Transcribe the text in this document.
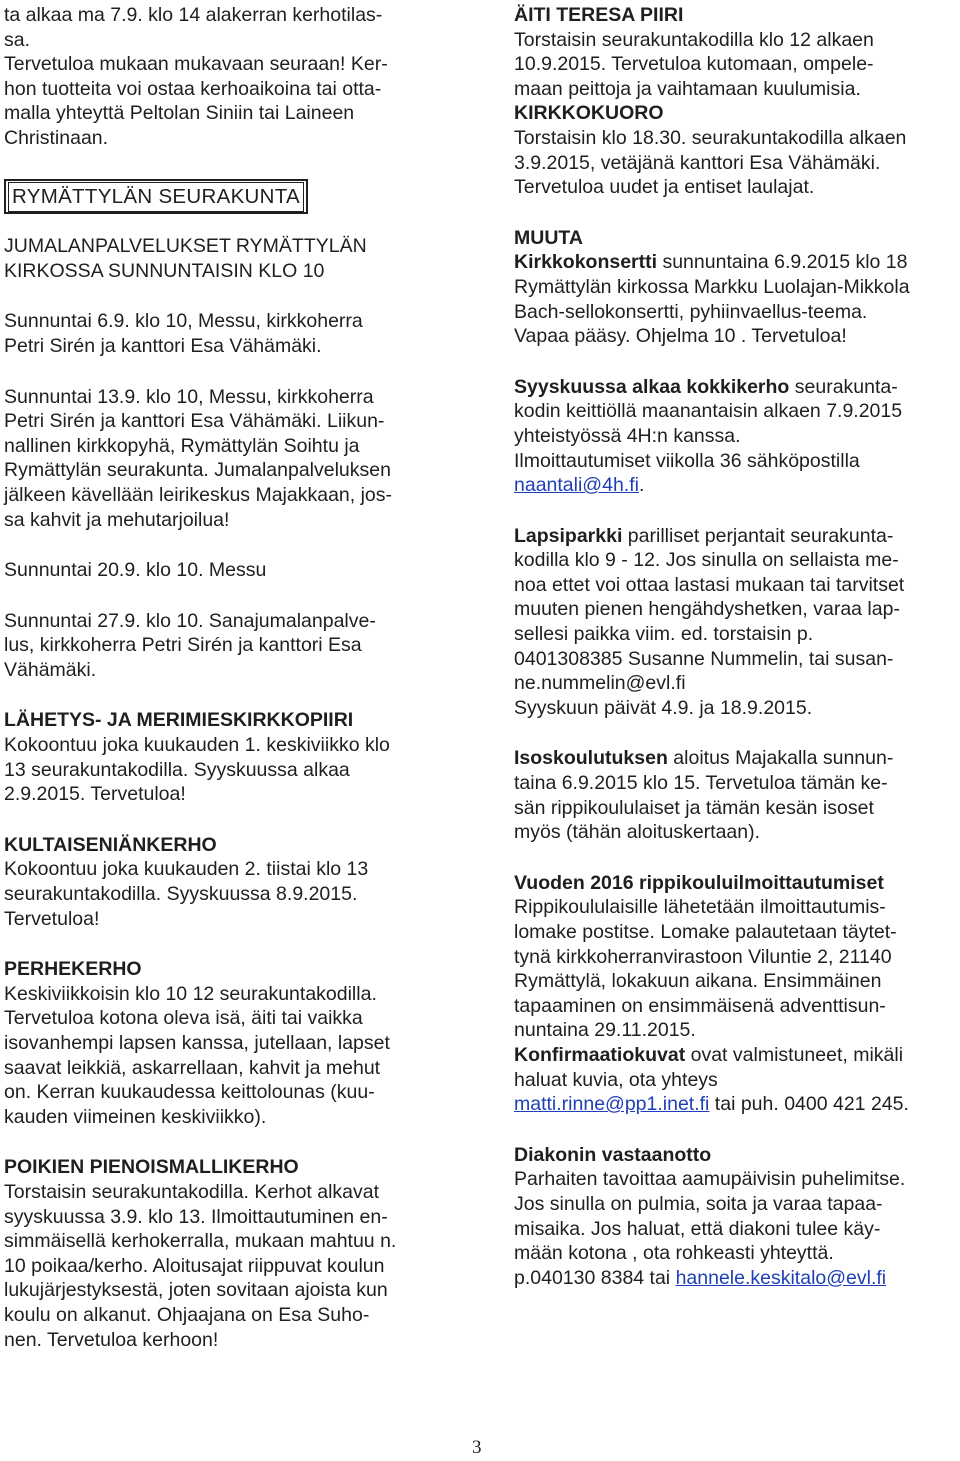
ta alkaa ma 7.9. klo 14 alakerran kerhotilas-
sa.
Tervetuloa mukaan mukavaan seuraan! Ker-
hon tuotteita voi ostaa kerhoaikoina tai otta-
malla yhteyttä Peltolan Siniin tai Laineen
Christinaan.

RYMÄTTYLÄN SEURAKUNTA

JUMALANPALVELUKSET RYMÄTTYLÄN
KIRKOSSA SUNNUNTAISIN KLO 10

Sunnuntai 6.9. klo 10, Messu, kirkkoherra
Petri Sirén ja kanttori Esa Vähämäki.

Sunnuntai 13.9. klo 10, Messu, kirkkoherra
Petri Sirén ja kanttori Esa Vähämäki. Liikun-
nallinen kirkkopyhä, Rymättylän Soihtu ja
Rymättylän seurakunta. Jumalanpalveluksen
jälkeen kävellään leirikeskus Majakkaan, jos-
sa kahvit ja mehutarjoilua!

Sunnuntai 20.9. klo 10. Messu

Sunnuntai 27.9. klo 10. Sanajumalanpalve-
lus, kirkkoherra Petri Sirén ja kanttori Esa
Vähämäki.

LÄHETYS- JA MERIMIESKIRKKOPIIRI

Kokoontuu joka kuukauden 1. keskiviikko klo
13 seurakuntakodilla. Syyskuussa alkaa
2.9.2015. Tervetuloa!

KULTAISENIÄNKERHO

Kokoontuu joka kuukauden 2. tiistai klo 13
seurakuntakodilla. Syyskuussa 8.9.2015.
Tervetuloa!

PERHEKERHO

Keskiviikkoisin klo 10 12 seurakuntakodilla.
Tervetuloa kotona oleva isä, äiti tai vaikka
isovanhempi lapsen kanssa, jutellaan, lapset
saavat leikkiä, askarrellaan, kahvit ja mehut
on. Kerran kuukaudessa keittolounas (kuu-
kauden viimeinen keskiviikko).

POIKIEN PIENOISMALLIKERHO

Torstaisin seurakuntakodilla. Kerhot alkavat
syyskuussa 3.9. klo 13. Ilmoittautuminen en-
simmäisellä kerhokerralla, mukaan mahtuu n.
10 poikaa/kerho. Aloitusajat riippuvat koulun
lukujärjestyksestä, joten sovitaan ajoista kun
koulu on alkanut. Ohjaajana on Esa Suho-
nen. Tervetuloa kerhoon!

ÄITI TERESA PIIRI

Torstaisin seurakuntakodilla klo 12 alkaen
10.9.2015. Tervetuloa kutomaan, ompele-
maan peittoja ja vaihtamaan kuulumisia.

KIRKKOKUORO

Torstaisin klo 18.30. seurakuntakodilla alkaen
3.9.2015, vetäjänä kanttori Esa Vähämäki.
Tervetuloa uudet ja entiset laulajat.

MUUTA

Kirkkokonsertti sunnuntaina 6.9.2015 klo 18

Rymättylän kirkossa Markku Luolajan-Mikkola
Bach-sellokonsertti, pyhiinvaellus-teema.
Vapaa pääsy. Ohjelma 10 . Tervetuloa!

Syyskuussa alkaa kokkikerho seurakunta-
kodin keittiöllä maanantaisin alkaen 7.9.2015
yhteistyössä 4H:n kanssa.
Ilmoittautumiset viikolla 36 sähköpostilla

naantali@4h.fi.

Lapsiparkki parilliset perjantait seurakunta-
kodilla klo 9 - 12. Jos sinulla on sellaista me-
noa ettet voi ottaa lastasi mukaan tai tarvitset
muuten pienen hengähdyshetken, varaa lap-
sellesi paikka viim. ed. torstaisin p.
0401308385 Susanne Nummelin, tai susan-
ne.nummelin@evl.fi
Syyskuun päivät 4.9. ja 18.9.2015.

Isoskoulutuksen aloitus Majakalla sunnun-
taina 6.9.2015 klo 15. Tervetuloa tämän ke-
sän rippikoululaiset ja tämän kesän isoset
myös (tähän aloituskertaan).

Vuoden 2016 rippikouluilmoittautumiset

Rippikoululaisille lähetetään ilmoittautumis-
lomake postitse. Lomake palautetaan täytet-
tynä kirkkoherranvirastoon Viluntie 2, 21140
Rymättylä, lokakuun aikana. Ensimmäinen
tapaaminen on ensimmäisenä adventtisun-
nuntaina 29.11.2015.

Konfirmaatiokuvat ovat valmistuneet, mikäli
haluat kuvia, ota yhteys

matti.rinne@pp1.inet.fi tai puh. 0400 421 245.

Diakonin vastaanotto

Parhaiten tavoittaa aamupäivisin puhelimitse.
Jos sinulla on pulmia, soita ja varaa tapaa-
misaika. Jos haluat, että diakoni tulee käy-
mään kotona , ota rohkeasti yhteyttä.

p.040130 8384 tai hannele.keskitalo@evl.fi

3
